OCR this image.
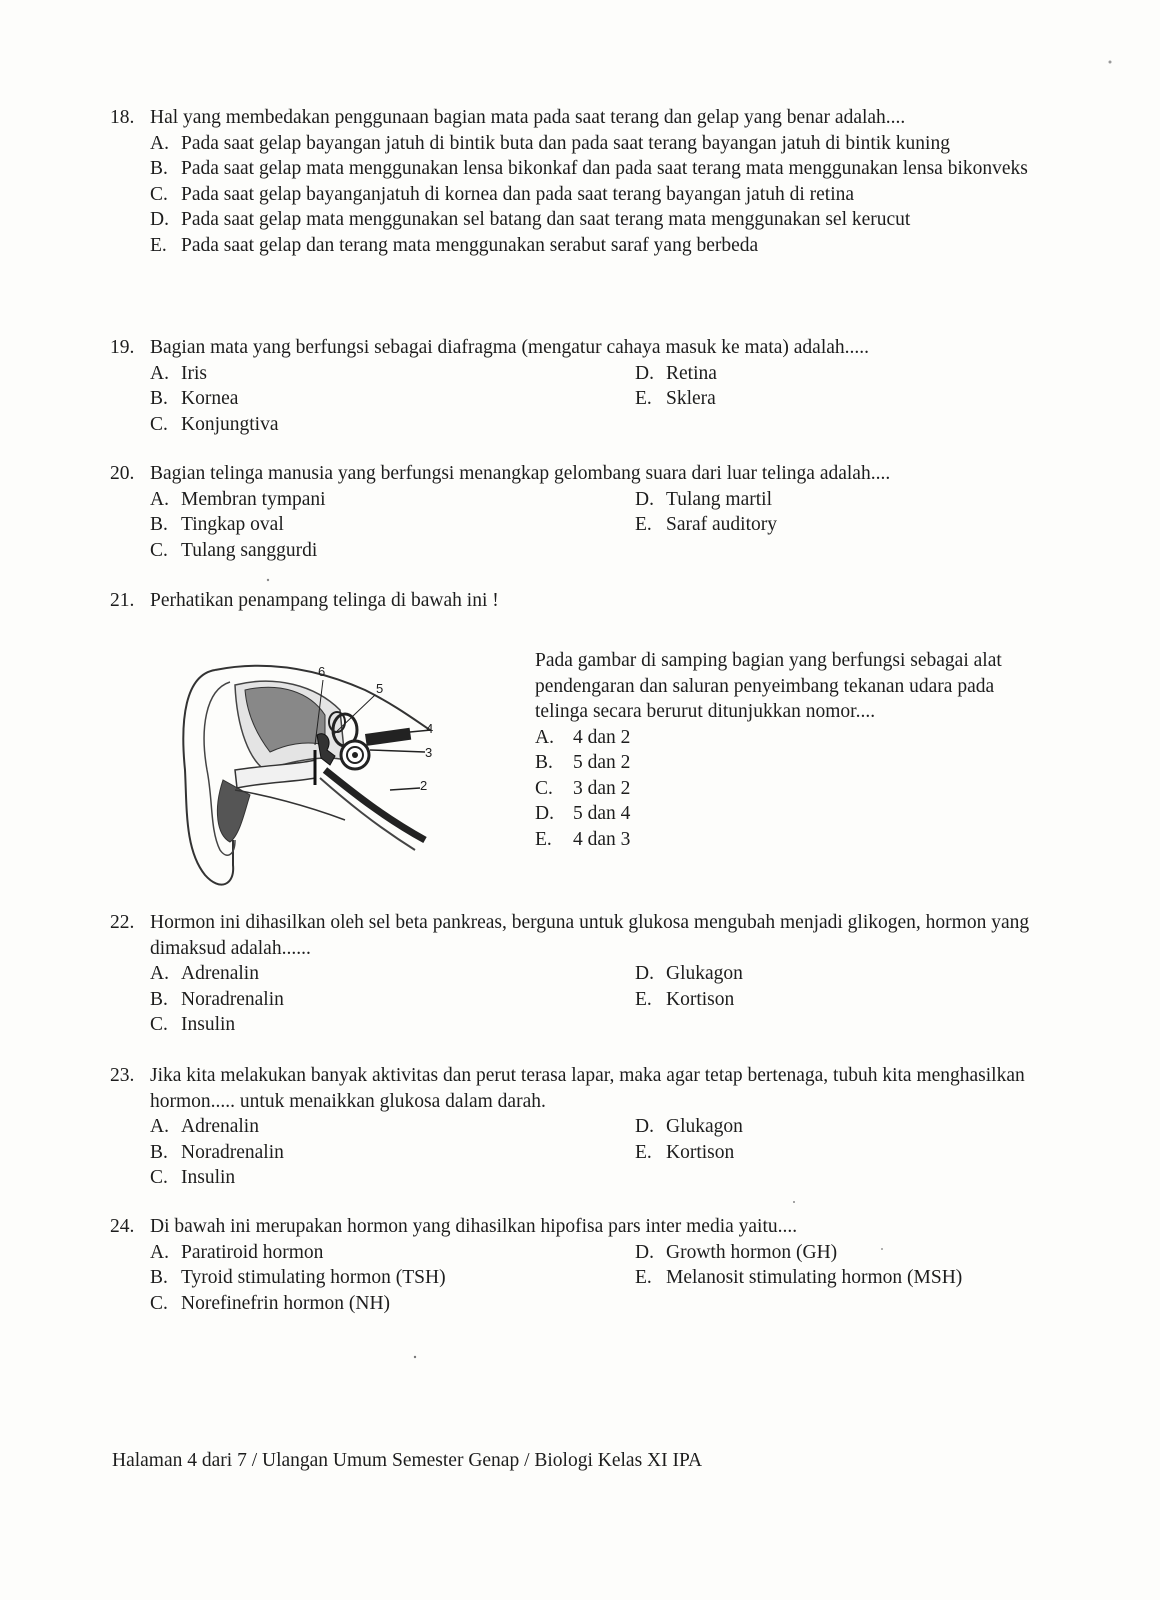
18. Hal yang membedakan penggunaan bagian mata pada saat terang dan gelap yang benar adalah....
A. Pada saat gelap bayangan jatuh di bintik buta dan pada saat terang bayangan jatuh di bintik kuning
B. Pada saat gelap mata menggunakan lensa bikonkaf dan pada saat terang mata menggunakan lensa bikonveks
C. Pada saat gelap bayanganjatuh di kornea dan pada saat terang bayangan jatuh di retina
D. Pada saat gelap mata menggunakan sel batang dan saat terang mata menggunakan sel kerucut
E. Pada saat gelap dan terang mata menggunakan serabut saraf yang berbeda
19. Bagian mata yang berfungsi sebagai diafragma (mengatur cahaya masuk ke mata) adalah.....
A. Iris	D. Retina
B. Kornea	E. Sklera
C. Konjungtiva
20. Bagian telinga manusia yang berfungsi menangkap gelombang suara dari luar telinga adalah....
A. Membran tympani	D. Tulang martil
B. Tingkap oval	E. Saraf auditory
C. Tulang sanggurdi
21. Perhatikan penampang telinga di bawah ini !
6
5
4
3
2
Pada gambar di samping bagian yang berfungsi sebagai alat pendengaran dan saluran penyeimbang tekanan udara pada telinga secara berurut ditunjukkan nomor....
A. 4 dan 2
B. 5 dan 2
C. 3 dan 2
D. 5 dan 4
E. 4 dan 3
22. Hormon ini dihasilkan oleh sel beta pankreas, berguna untuk glukosa mengubah menjadi glikogen, hormon yang dimaksud adalah......
A. Adrenalin	D. Glukagon
B. Noradrenalin	E. Kortison
C. Insulin
23. Jika kita melakukan banyak aktivitas dan perut terasa lapar, maka agar tetap bertenaga, tubuh kita menghasilkan hormon..... untuk menaikkan glukosa dalam darah.
A. Adrenalin	D. Glukagon
B. Noradrenalin	E. Kortison
C. Insulin
24. Di bawah ini merupakan hormon yang dihasilkan hipofisa pars inter media yaitu....
A. Paratiroid hormon	D. Growth hormon (GH)
B. Tyroid stimulating hormon (TSH)	E. Melanosit stimulating hormon (MSH)
C. Norefinefrin hormon (NH)
Halaman 4 dari 7 / Ulangan Umum Semester Genap / Biologi Kelas XI IPA
